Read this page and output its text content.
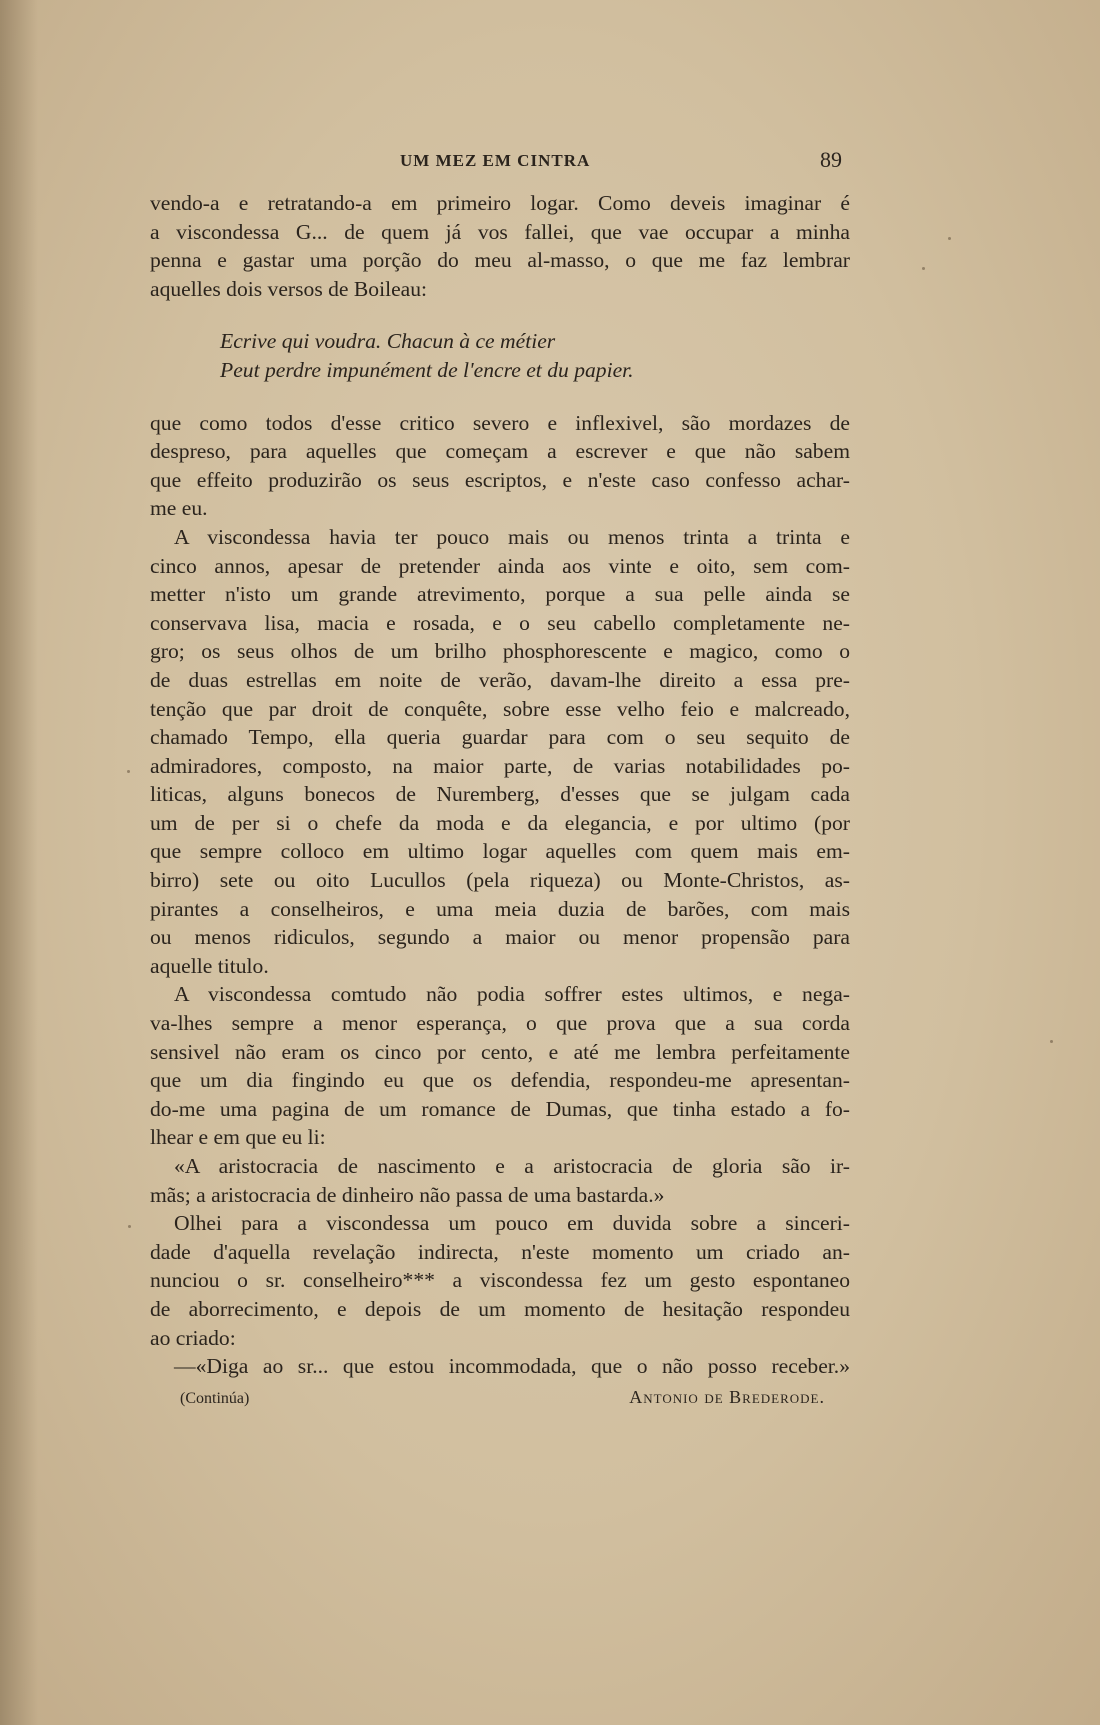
UM MEZ EM CINTRA	89
vendo-a e retratando-a em primeiro logar. Como deveis imaginar é
a viscondessa G... de quem já vos fallei, que vae occupar a minha
penna e gastar uma porção do meu al-masso, o que me faz lembrar
aquelles dois versos de Boileau:
Ecrive qui voudra. Chacun à ce métier
Peut perdre impunément de l'encre et du papier.
que como todos d'esse critico severo e inflexivel, são mordazes de
despreso, para aquelles que começam a escrever e que não sabem
que effeito produzirão os seus escriptos, e n'este caso confesso achar-
me eu.
A viscondessa havia ter pouco mais ou menos trinta a trinta e
cinco annos, apesar de pretender ainda aos vinte e oito, sem com-
metter n'isto um grande atrevimento, porque a sua pelle ainda se
conservava lisa, macia e rosada, e o seu cabello completamente ne-
gro; os seus olhos de um brilho phosphorescente e magico, como o
de duas estrellas em noite de verão, davam-lhe direito a essa pre-
tenção que par droit de conquête, sobre esse velho feio e malcreado,
chamado Tempo, ella queria guardar para com o seu sequito de
admiradores, composto, na maior parte, de varias notabilidades po-
liticas, alguns bonecos de Nuremberg, d'esses que se julgam cada
um de per si o chefe da moda e da elegancia, e por ultimo (por
que sempre colloco em ultimo logar aquelles com quem mais em-
birro) sete ou oito Lucullos (pela riqueza) ou Monte-Christos, as-
pirantes a conselheiros, e uma meia duzia de barões, com mais
ou menos ridiculos, segundo a maior ou menor propensão para
aquelle titulo.
A viscondessa comtudo não podia soffrer estes ultimos, e nega-
va-lhes sempre a menor esperança, o que prova que a sua corda
sensivel não eram os cinco por cento, e até me lembra perfeitamente
que um dia fingindo eu que os defendia, respondeu-me apresentan-
do-me uma pagina de um romance de Dumas, que tinha estado a fo-
lhear e em que eu li:
«A aristocracia de nascimento e a aristocracia de gloria são ir-
mãs; a aristocracia de dinheiro não passa de uma bastarda.»
Olhei para a viscondessa um pouco em duvida sobre a sinceri-
dade d'aquella revelação indirecta, n'este momento um criado an-
nunciou o sr. conselheiro*** a viscondessa fez um gesto espontaneo
de aborrecimento, e depois de um momento de hesitação respondeu
ao criado:
—«Diga ao sr... que estou incommodada, que o não posso receber.»
(Continúa)	Antonio de Brederode.
